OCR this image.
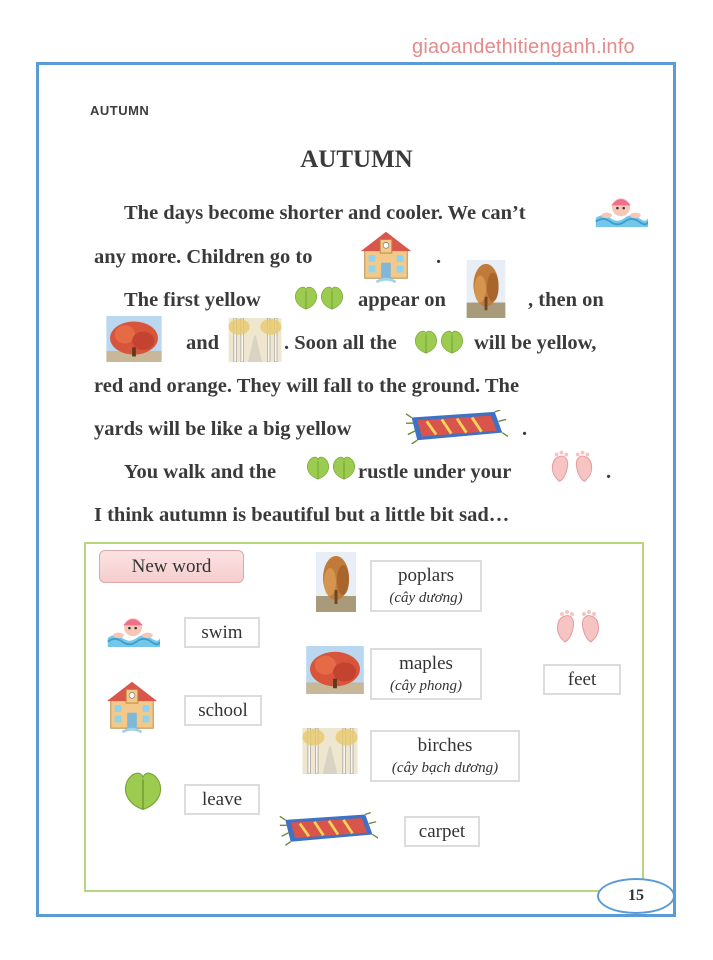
giaoandethitienganh.info
AUTUMN
AUTUMN
The days become shorter and cooler. We can’t
any more. Children go to	.
The first yellow	appear on	, then on
and	. Soon all the	will be yellow,
red and orange. They will fall to the ground. The
yards will be like a big yellow	.
You walk and the	rustle under your	.
I think autumn is beautiful but a little bit sad…
New word
swim
school
leave
poplars
(cây dương)
maples
(cây phong)
birches
(cây bạch dương)
carpet
feet
15
